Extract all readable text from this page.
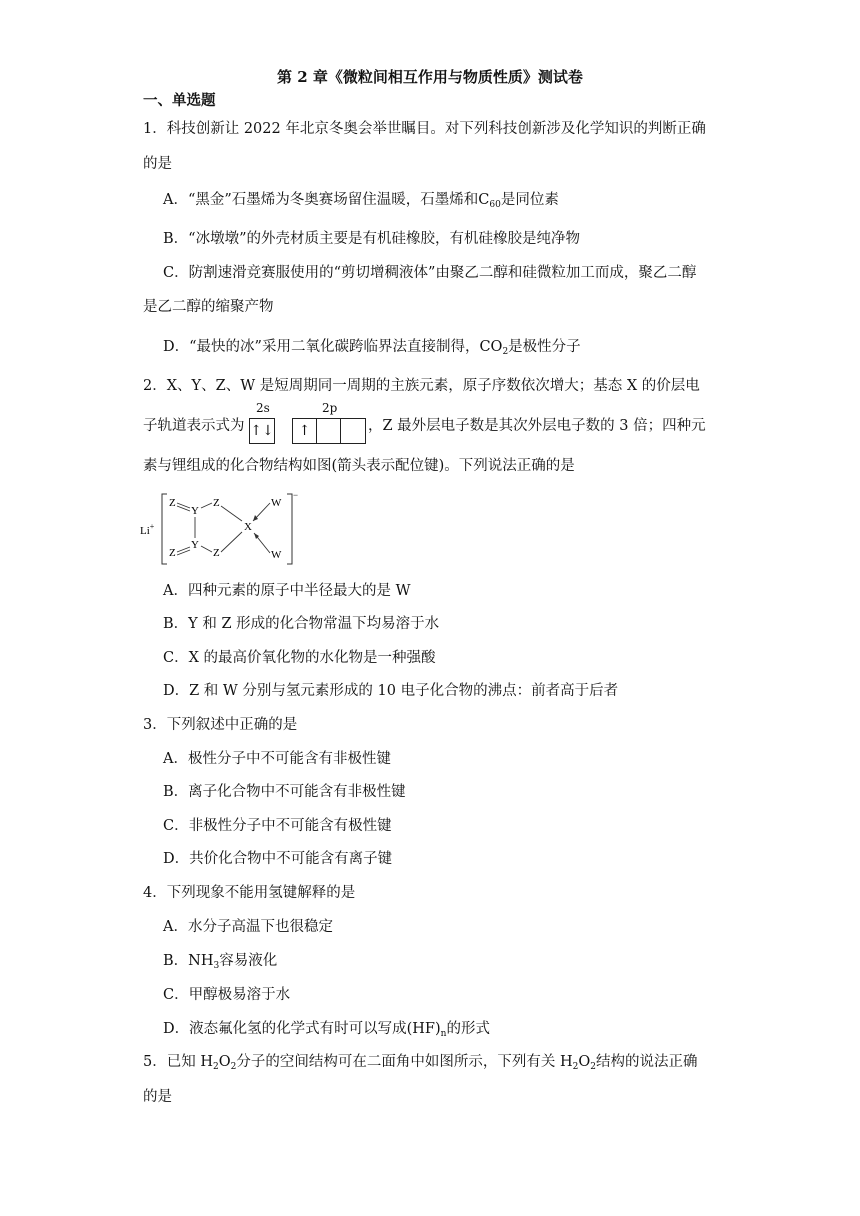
第 2 章《微粒间相互作用与物质性质》测试卷
一、单选题
1．科技创新让 2022 年北京冬奥会举世瞩目。对下列科技创新涉及化学知识的判断正确
的是
A．“黑金”石墨烯为冬奥赛场留住温暖，石墨烯和$C_{60}$是同位素
B．“冰墩墩”的外壳材质主要是有机硅橡胶，有机硅橡胶是纯净物
C．防割速滑竞赛服使用的“剪切增稠液体”由聚乙二醇和硅微粒加工而成，聚乙二醇
是乙二醇的缩聚产物
D．“最快的冰”采用二氧化碳跨临界法直接制得，$CO_2$是极性分子
2．X、Y、Z、W 是短周期同一周期的主族元素，原子序数依次增大；基态 X 的价层电
子轨道表示式为
2s	2p
↑↓	↑	，Z 最外层电子数是其次外层电子数的 3 倍；四种元
素与锂组成的化合物结构如图(箭头表示配位键)。下列说法正确的是
Li+
−
Z
Y
Z
X
W
Z
Y
Z	W
A．四种元素的原子中半径最大的是 W
B．Y 和 Z 形成的化合物常温下均易溶于水
C．X 的最高价氧化物的水化物是一种强酸
D．Z 和 W 分别与氢元素形成的 10 电子化合物的沸点：前者高于后者
3．下列叙述中正确的是
A．极性分子中不可能含有非极性键
B．离子化合物中不可能含有非极性键
C．非极性分子中不可能含有极性键
D．共价化合物中不可能含有离子键
4．下列现象不能用氢键解释的是
A．水分子高温下也很稳定
B．$NH_3$容易液化
C．甲醇极易溶于水
D．液态氟化氢的化学式有时可以写成$(HF)_n$的形式
5．已知 $H_2O_2$分子的空间结构可在二面角中如图所示，下列有关 $H_2O_2$结构的说法正确
的是
